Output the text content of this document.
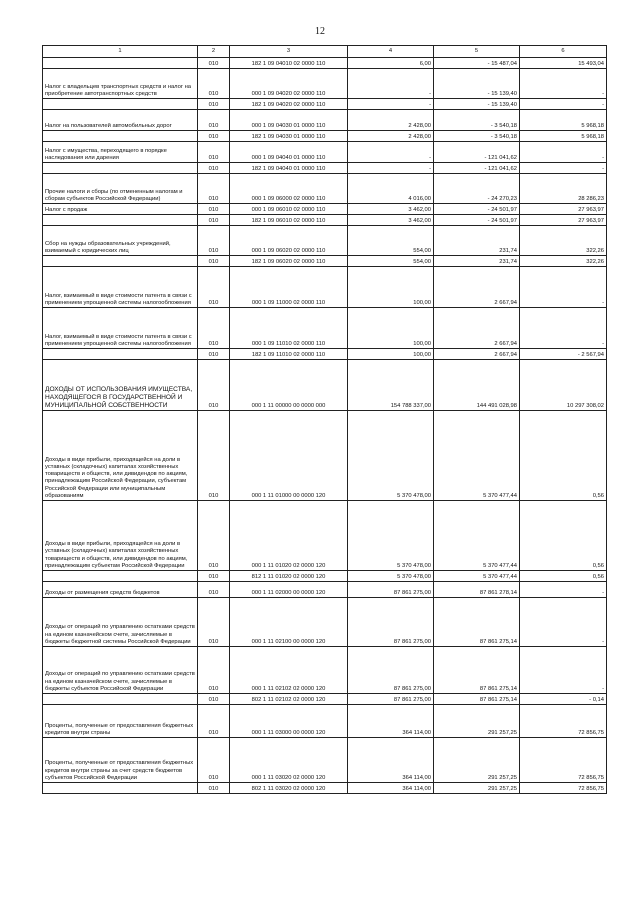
12
1	2	3	4	5	6
	010	182 1 09 04010 02 0000 110	6,00	- 15 487,04	15 493,04
Налог с владельцев транспортных средств и налог на приобретение автотранспортных средств	010	000 1 09 04020 02 0000 110	-	- 15 139,40	-
	010	182 1 09 04020 02 0000 110	-	- 15 139,40	-
Налог на пользователей автомобильных дорог	010	000 1 09 04030 01 0000 110	2 428,00	- 3 540,18	5 968,18
	010	182 1 09 04030 01 0000 110	2 428,00	- 3 540,18	5 968,18
Налог с имущества, переходящего в порядке наследования или дарения	010	000 1 09 04040 01 0000 110	-	- 121 041,62	-
	010	182 1 09 04040 01 0000 110	-	- 121 041,62	-
Прочие налоги и сборы (по отмененным налогам и сборам субъектов Российской Федерации)	010	000 1 09 06000 02 0000 110	4 016,00	- 24 270,23	28 286,23
Налог с продаж	010	000 1 09 06010 02 0000 110	3 462,00	- 24 501,97	27 963,97
	010	182 1 09 06010 02 0000 110	3 462,00	- 24 501,97	27 963,97
Сбор на нужды образовательных учреждений, взимаемый с юридических лиц	010	000 1 09 06020 02 0000 110	554,00	231,74	322,26
	010	182 1 09 06020 02 0000 110	554,00	231,74	322,26
Налог, взимаемый в виде стоимости патента в связи с применением упрощенной системы налогообложения	010	000 1 09 11000 02 0000 110	100,00	2 667,94	-
Налог, взимаемый в виде стоимости патента в связи с применением упрощенной системы налогообложения	010	000 1 09 11010 02 0000 110	100,00	2 667,94	-
	010	182 1 09 11010 02 0000 110	100,00	2 667,94	- 2 567,94
ДОХОДЫ ОТ ИСПОЛЬЗОВАНИЯ ИМУЩЕСТВА, НАХОДЯЩЕГОСЯ В ГОСУДАРСТВЕННОЙ И МУНИЦИПАЛЬНОЙ СОБСТВЕННОСТИ	010	000 1 11 00000 00 0000 000	154 788 337,00	144 491 028,98	10 297 308,02
Доходы в виде прибыли, приходящейся на доли в уставных (складочных) капиталах хозяйственных товариществ и обществ, или дивидендов по акциям, принадлежащим Российской Федерации, субъектам Российской Федерации или муниципальным образованиям	010	000 1 11 01000 00 0000 120	5 370 478,00	5 370 477,44	0,56
Доходы в виде прибыли, приходящейся на доли в уставных (складочных) капиталах хозяйственных товариществ и обществ, или дивидендов по акциям, принадлежащим субъектам Российской Федерации	010	000 1 11 01020 02 0000 120	5 370 478,00	5 370 477,44	0,56
	010	812 1 11 01020 02 0000 120	5 370 478,00	5 370 477,44	0,56
Доходы от размещения средств бюджетов	010	000 1 11 02000 00 0000 120	87 861 275,00	87 861 278,14	-
Доходы от операций по управлению остатками средств на едином казначейском счете, зачисляемые в бюджеты бюджетной системы Российской Федерации	010	000 1 11 02100 00 0000 120	87 861 275,00	87 861 275,14	-
Доходы от операций по управлению остатками средств на едином казначейском счете, зачисляемые в бюджеты субъектов Российской Федерации	010	000 1 11 02102 02 0000 120	87 861 275,00	87 861 275,14	-
	010	802 1 11 02102 02 0000 120	87 861 275,00	87 861 275,14	- 0,14
Проценты, полученные от предоставления бюджетных кредитов внутри страны	010	000 1 11 03000 00 0000 120	364 114,00	291 257,25	72 856,75
Проценты, полученные от предоставления бюджетных кредитов внутри страны за счет средств бюджетов субъектов Российской Федерации	010	000 1 11 03020 02 0000 120	364 114,00	291 257,25	72 856,75
	010	802 1 11 03020 02 0000 120	364 114,00	291 257,25	72 856,75
